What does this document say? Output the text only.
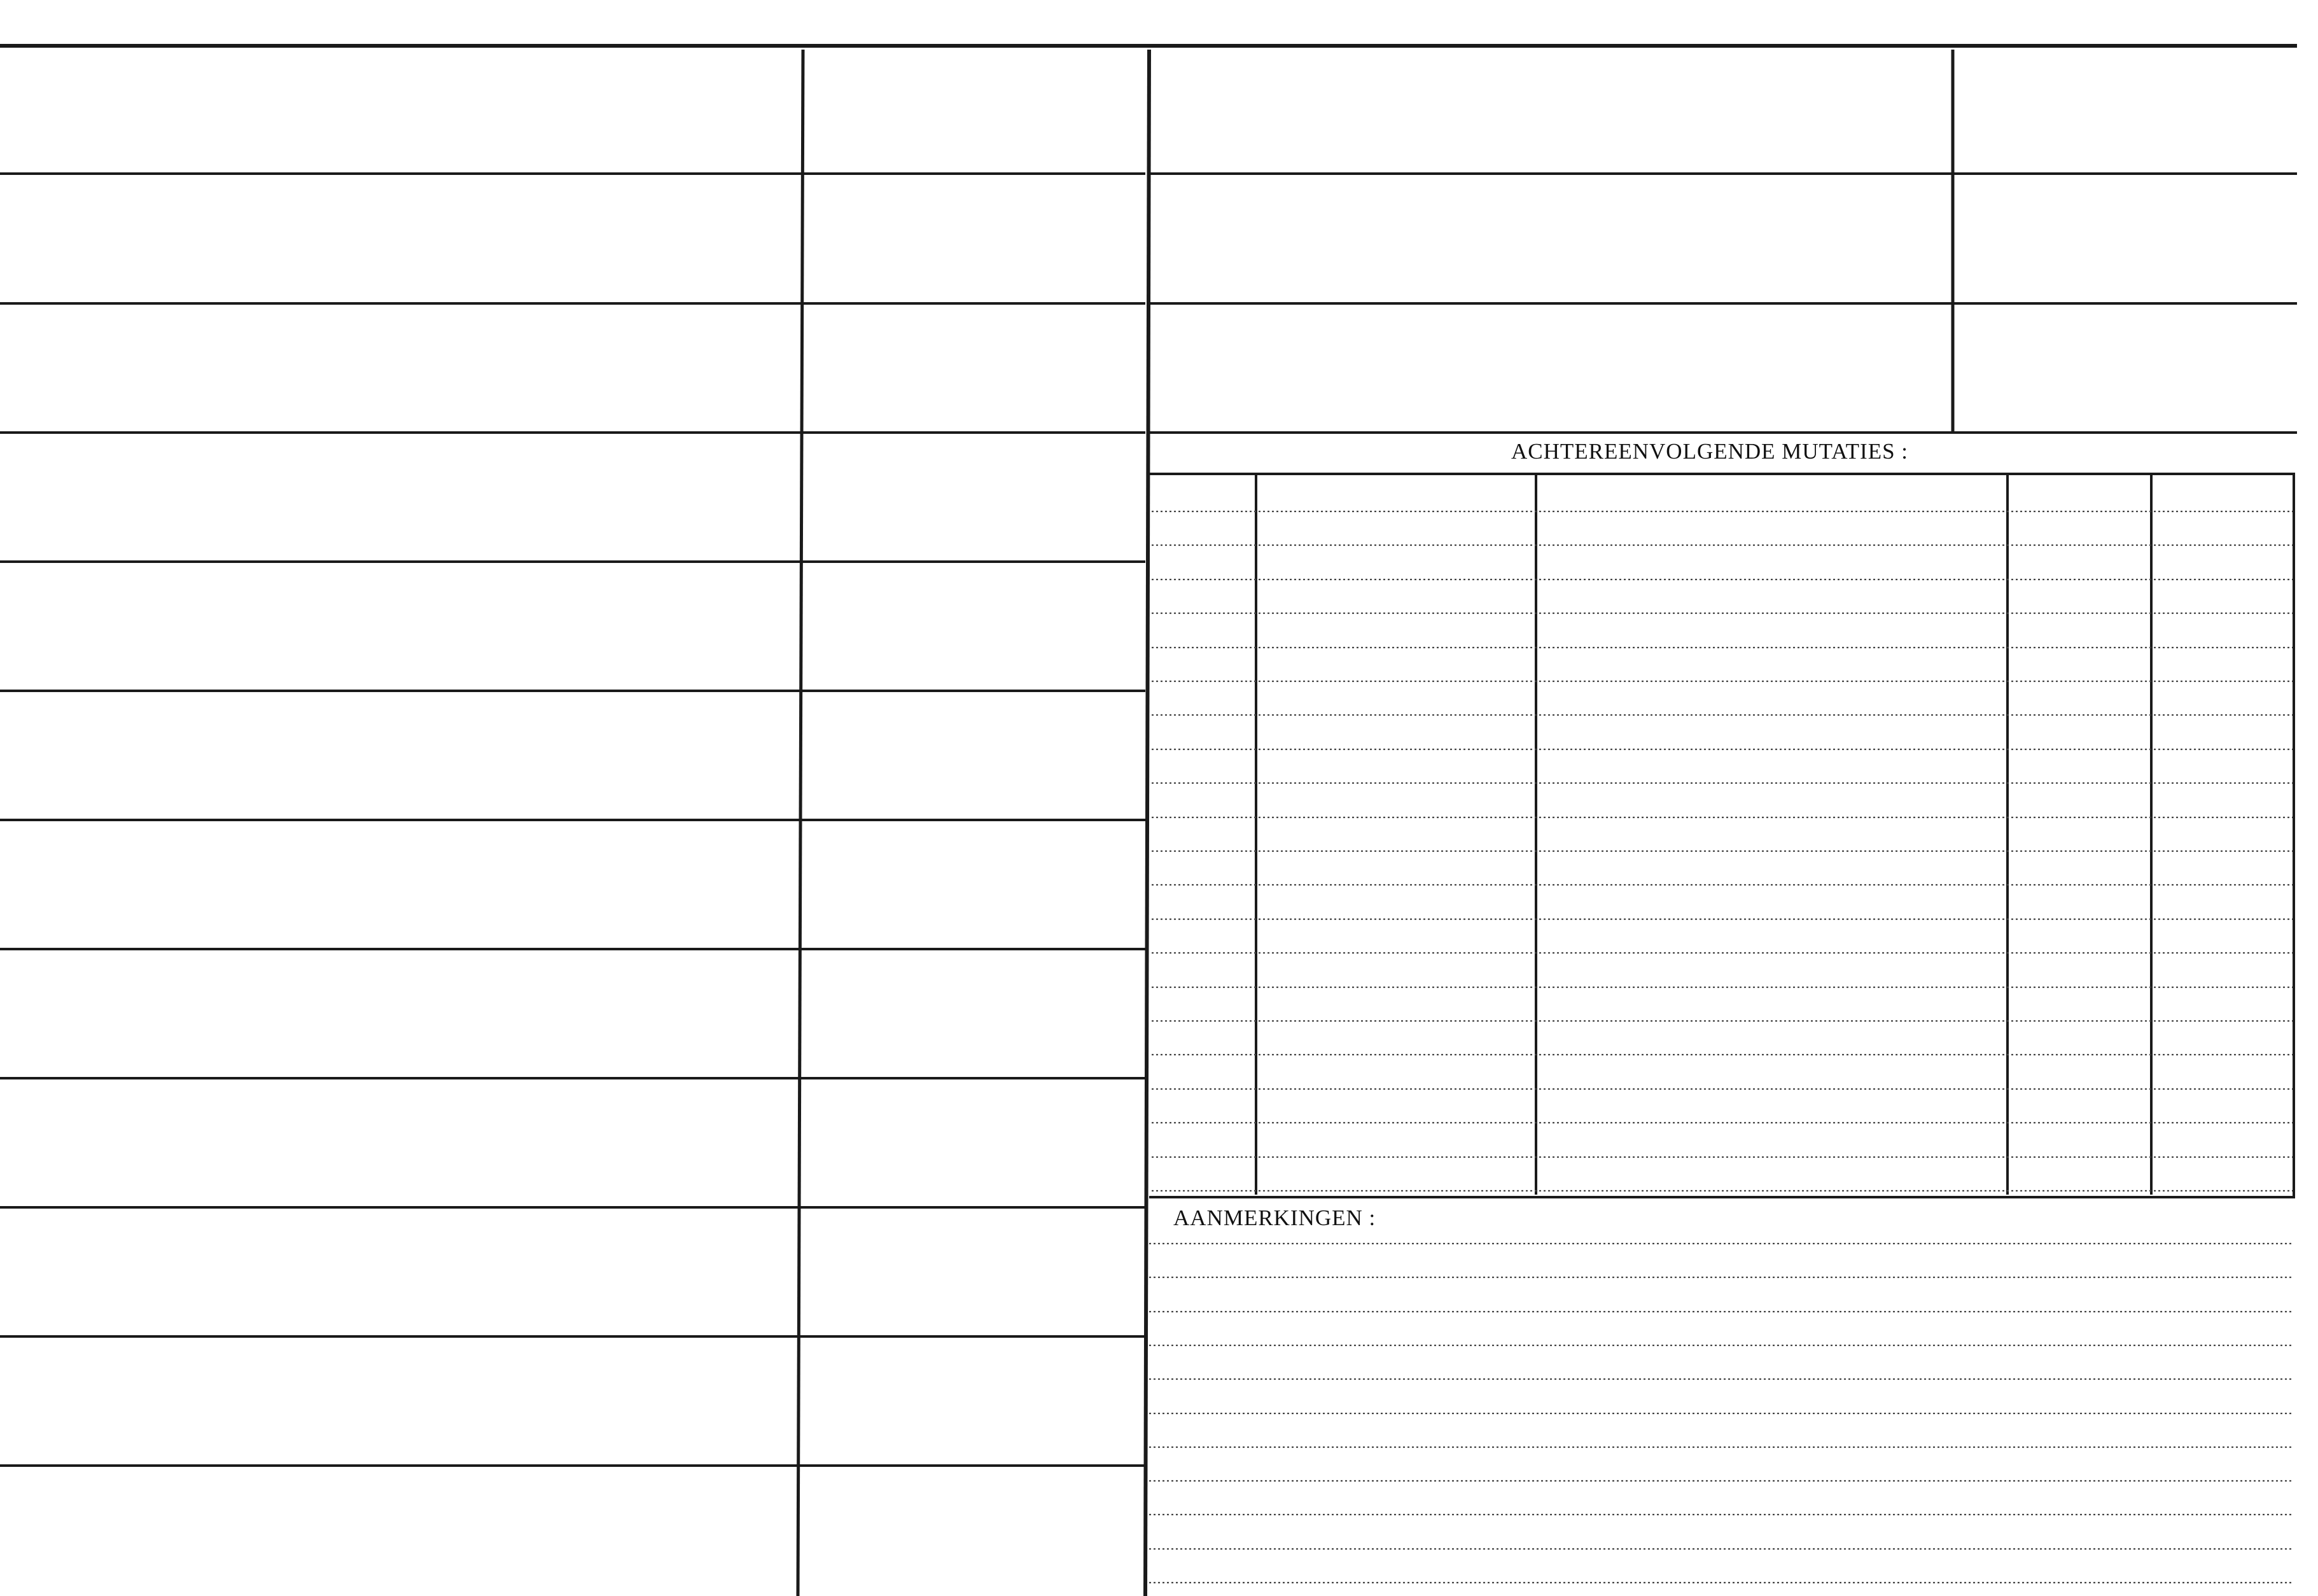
ACHTEREENVOLGENDE MUTATIES :
AANMERKINGEN :
